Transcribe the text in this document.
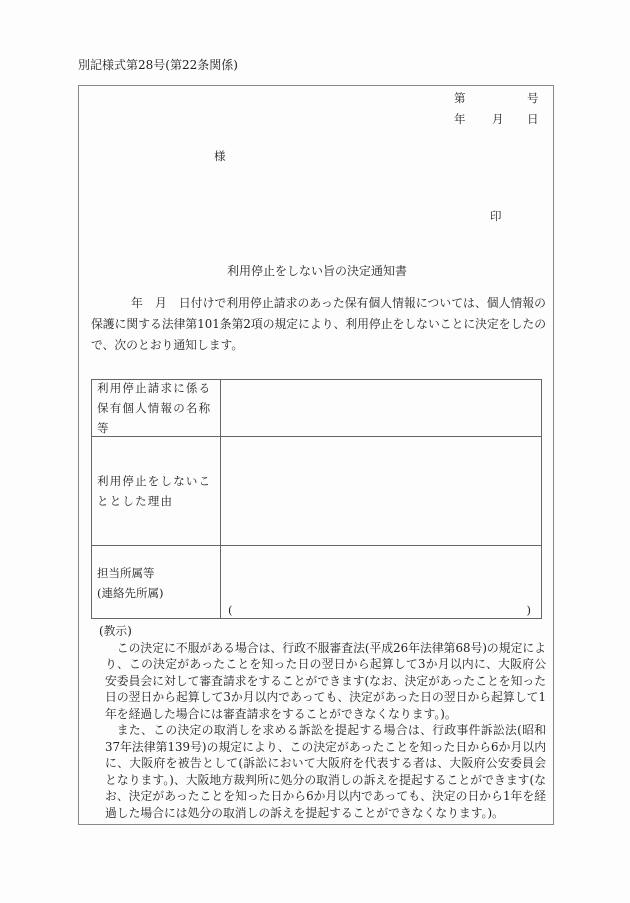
別記様式第28号(第22条関係)
第	号
年 月 日
様
印
利用停止をしない旨の決定通知書
年 月 日付けで利用停止請求のあった保有個人情報については、個人情報の保護に関する法律第101条第2項の規定により、利用停止をしないことに決定をしたので、次のとおり通知します。
利用停止請求に係る保有個人情報の名称等
利用停止をしないこととした理由
担当所属等
(連絡先所属)
(	)
(教示)
この決定に不服がある場合は、行政不服審査法(平成26年法律第68号)の規定により、この決定があったことを知った日の翌日から起算して3か月以内に、大阪府公安委員会に対して審査請求をすることができます(なお、決定があったことを知った日の翌日から起算して3か月以内であっても、決定があった日の翌日から起算して1年を経過した場合には審査請求をすることができなくなります。)。
また、この決定の取消しを求める訴訟を提起する場合は、行政事件訴訟法(昭和37年法律第139号)の規定により、この決定があったことを知った日から6か月以内に、大阪府を被告として(訴訟において大阪府を代表する者は、大阪府公安委員会となります。)、大阪地方裁判所に処分の取消しの訴えを提起することができます(なお、決定があったことを知った日から6か月以内であっても、決定の日から1年を経過した場合には処分の取消しの訴えを提起することができなくなります。)。
